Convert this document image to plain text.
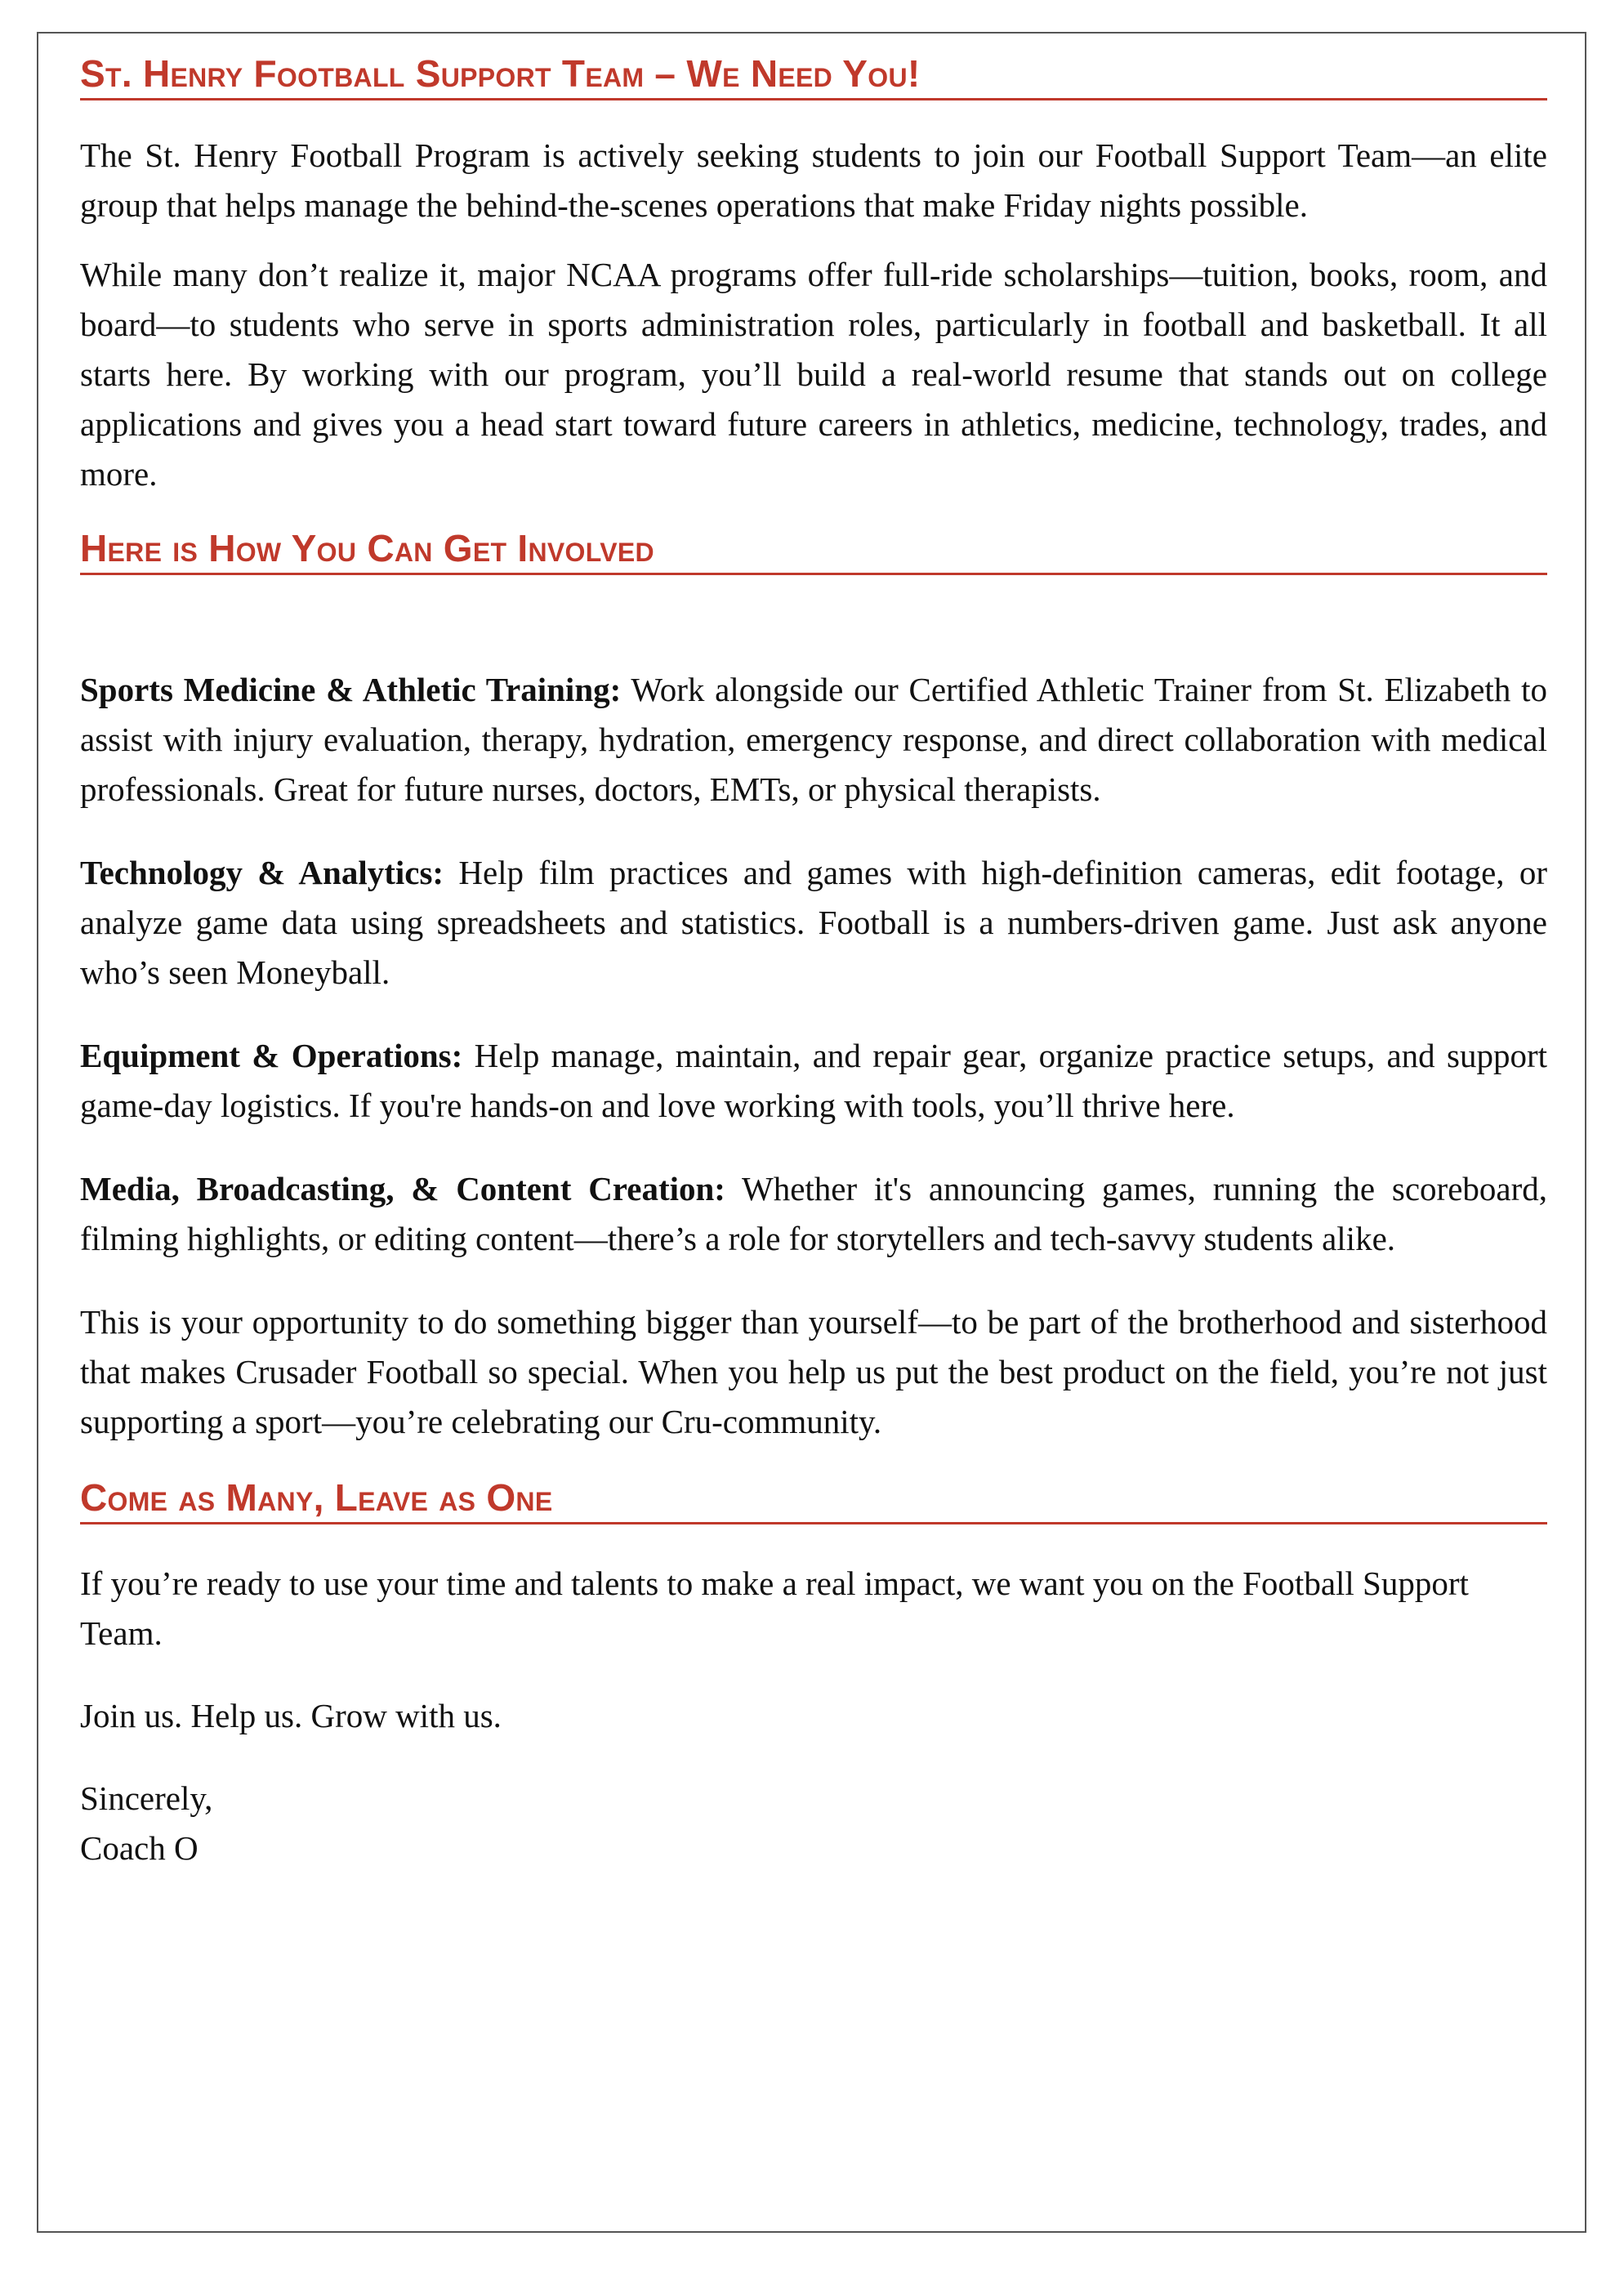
St. Henry Football Support Team – We Need You!

The St. Henry Football Program is actively seeking students to join our Football Support Team—an elite group that helps manage the behind-the-scenes operations that make Friday nights possible.

While many don’t realize it, major NCAA programs offer full-ride scholarships—tuition, books, room, and board—to students who serve in sports administration roles, particularly in football and basketball. It all starts here. By working with our program, you’ll build a real-world resume that stands out on college applications and gives you a head start toward future careers in athletics, medicine, technology, trades, and more.

Here is How You Can Get Involved

Sports Medicine & Athletic Training: Work alongside our Certified Athletic Trainer from St. Elizabeth to assist with injury evaluation, therapy, hydration, emergency response, and direct collaboration with medical professionals. Great for future nurses, doctors, EMTs, or physical therapists.

Technology & Analytics: Help film practices and games with high-definition cameras, edit footage, or analyze game data using spreadsheets and statistics. Football is a numbers-driven game. Just ask anyone who’s seen Moneyball.

Equipment & Operations: Help manage, maintain, and repair gear, organize practice setups, and support game-day logistics. If you're hands-on and love working with tools, you’ll thrive here.

Media, Broadcasting, & Content Creation: Whether it's announcing games, running the scoreboard, filming highlights, or editing content—there’s a role for storytellers and tech-savvy students alike.

This is your opportunity to do something bigger than yourself—to be part of the brotherhood and sisterhood that makes Crusader Football so special. When you help us put the best product on the field, you’re not just supporting a sport—you’re celebrating our Cru-community.

Come as Many, Leave as One

If you’re ready to use your time and talents to make a real impact, we want you on the Football Support Team.

Join us. Help us. Grow with us.

Sincerely,

Coach O
